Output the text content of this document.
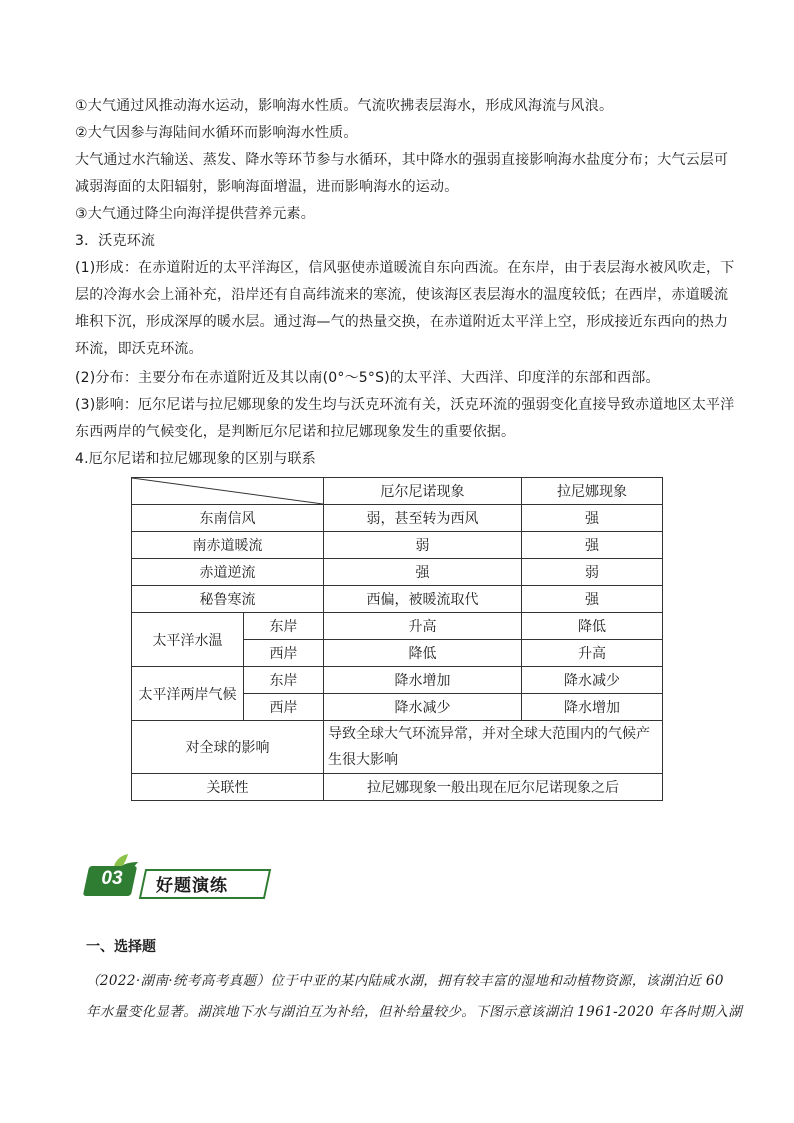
①大气通过风推动海水运动，影响海水性质。气流吹拂表层海水，形成风海流与风浪。
②大气因参与海陆间水循环而影响海水性质。
大气通过水汽输送、蒸发、降水等环节参与水循环，其中降水的强弱直接影响海水盐度分布；大气云层可
减弱海面的太阳辐射，影响海面增温，进而影响海水的运动。
③大气通过降尘向海洋提供营养元素。
3．沃克环流
(1)形成：在赤道附近的太平洋海区，信风驱使赤道暖流自东向西流。在东岸，由于表层海水被风吹走，下
层的冷海水会上涌补充，沿岸还有自高纬流来的寒流，使该海区表层海水的温度较低；在西岸，赤道暖流
堆积下沉，形成深厚的暖水层。通过海—气的热量交换，在赤道附近太平洋上空，形成接近东西向的热力
环流，即沃克环流。
(2)分布：主要分布在赤道附近及其以南(0°～5°S)的太平洋、大西洋、印度洋的东部和西部。
(3)影响：厄尔尼诺与拉尼娜现象的发生均与沃克环流有关，沃克环流的强弱变化直接导致赤道地区太平洋
东西两岸的气候变化，是判断厄尔尼诺和拉尼娜现象发生的重要依据。
4.厄尔尼诺和拉尼娜现象的区别与联系
	厄尔尼诺现象	拉尼娜现象
东南信风		弱，甚至转为西风	强
南赤道暖流		弱	强
赤道逆流		强	弱
秘鲁寒流		西偏，被暖流取代	强
太平洋水温	东岸	升高	降低
	西岸	降低	升高
太平洋两岸气候	东岸	降水增加	降水减少
	西岸	降水减少	降水增加
对全球的影响		导致全球大气环流异常，并对全球大范围内的气候产生很大影响	
关联性		拉尼娜现象一般出现在厄尔尼诺现象之后	
03	好题演练
一、选择题
（2022·湖南·统考高考真题）位于中亚的某内陆咸水湖，拥有较丰富的湿地和动植物资源，该湖泊近 60
年水量变化显著。湖滨地下水与湖泊互为补给，但补给量较少。下图示意该湖泊 1961-2020 年各时期入湖
